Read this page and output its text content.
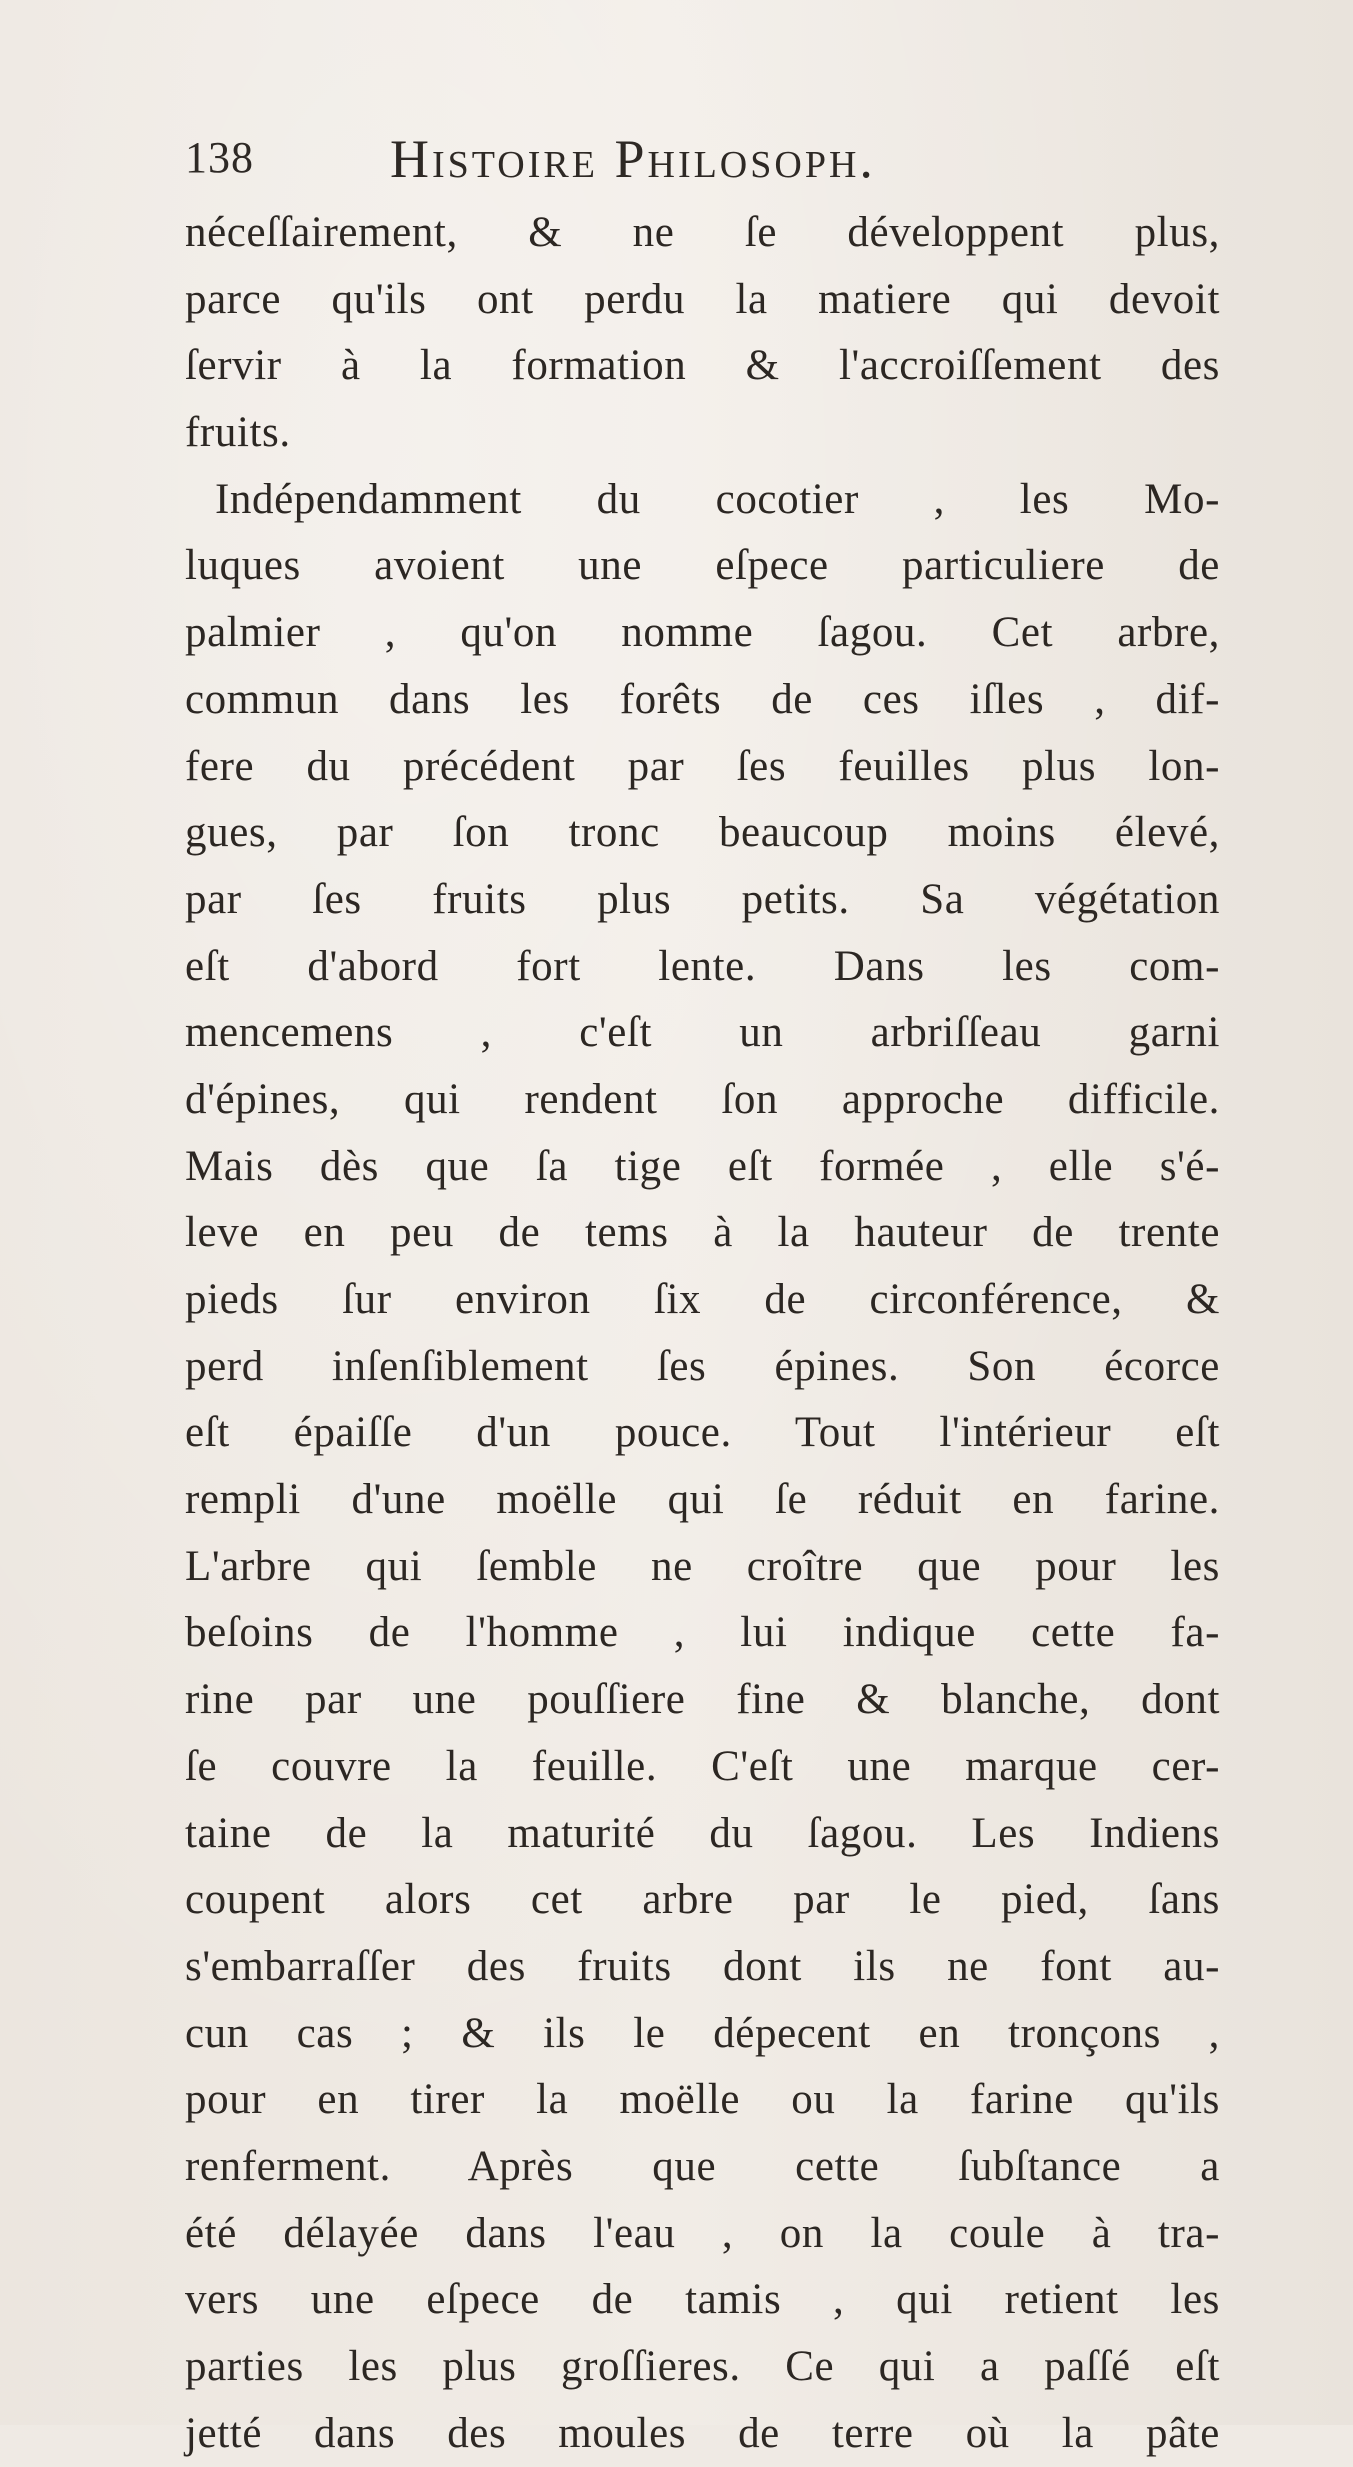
138	Histoire Philosoph.
néceſſairement, & ne ſe développent plus,
parce qu'ils ont perdu la matiere qui devoit
ſervir à la formation & l'accroiſſement des
fruits.
Indépendamment du cocotier , les Mo-
luques avoient une eſpece particuliere de
palmier , qu'on nomme ſagou. Cet arbre,
commun dans les forêts de ces iſles , dif-
fere du précédent par ſes feuilles plus lon-
gues, par ſon tronc beaucoup moins élevé,
par ſes fruits plus petits. Sa végétation
eſt d'abord fort lente. Dans les com-
mencemens , c'eſt un arbriſſeau garni
d'épines, qui rendent ſon approche difficile.
Mais dès que ſa tige eſt formée , elle s'é-
leve en peu de tems à la hauteur de trente
pieds ſur environ ſix de circonférence, &
perd inſenſiblement ſes épines. Son écorce
eſt épaiſſe d'un pouce. Tout l'intérieur eſt
rempli d'une moëlle qui ſe réduit en farine.
L'arbre qui ſemble ne croître que pour les
beſoins de l'homme , lui indique cette fa-
rine par une pouſſiere fine & blanche, dont
ſe couvre la feuille. C'eſt une marque cer-
taine de la maturité du ſagou. Les Indiens
coupent alors cet arbre par le pied, ſans
s'embarraſſer des fruits dont ils ne font au-
cun cas ; & ils le dépecent en tronçons ,
pour en tirer la moëlle ou la farine qu'ils
renferment. Après que cette ſubſtance a
été délayée dans l'eau , on la coule à tra-
vers une eſpece de tamis , qui retient les
parties les plus groſſieres. Ce qui a paſſé eſt
jetté dans des moules de terre où la pâte
